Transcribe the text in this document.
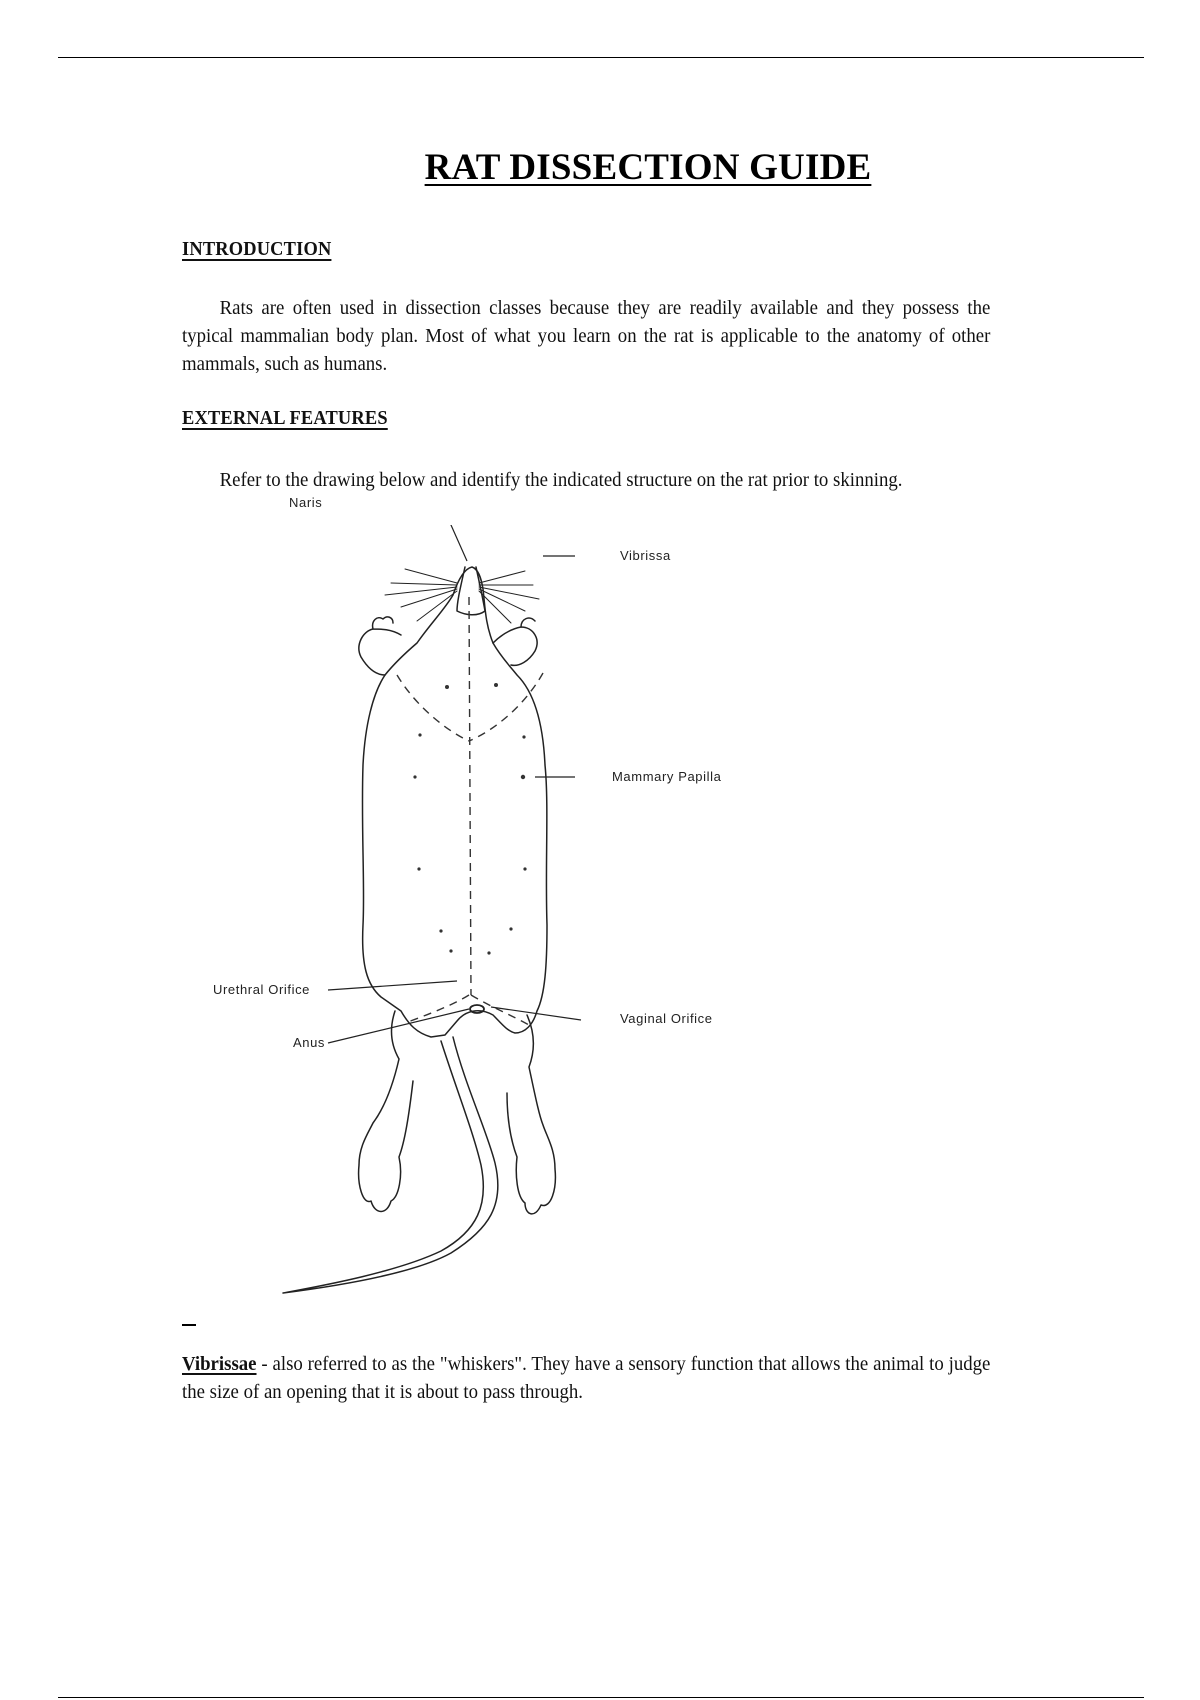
RAT DISSECTION GUIDE
INTRODUCTION
Rats are often used in dissection classes because they are readily available and they possess the typical mammalian body plan. Most of what you learn on the rat is applicable to the anatomy of other mammals, such as humans.
EXTERNAL FEATURES
Refer to the drawing below and identify the indicated structure on the rat prior to skinning.
Naris
Vibrissa
Mammary Papilla
Urethral Orifice
Anus
Vaginal Orifice
Vibrissae - also referred to as the "whiskers". They have a sensory function that allows the animal to judge the size of an opening that it is about to pass through.
